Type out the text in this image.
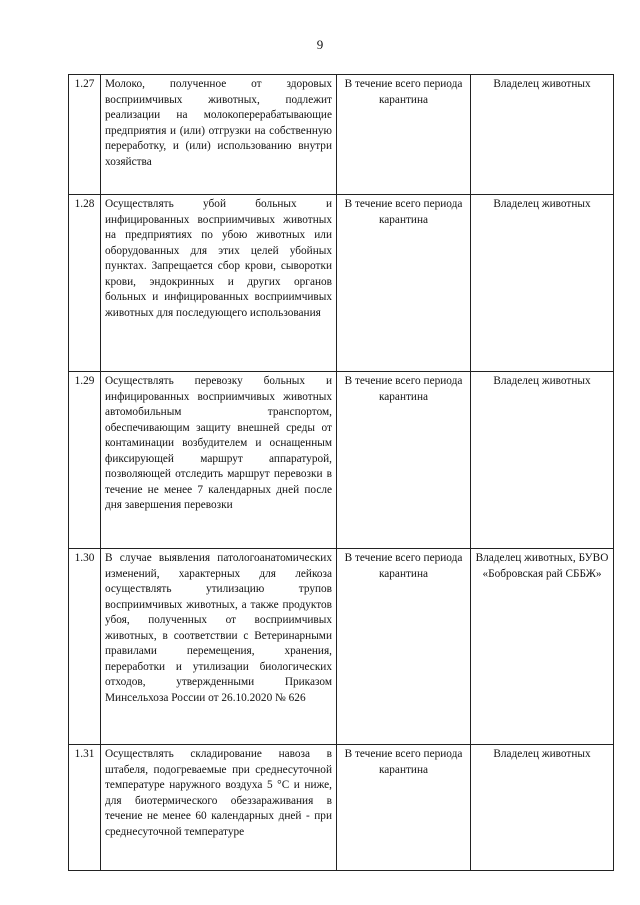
9
1.27	Молоко, полученное от здоровых восприимчивых животных, подлежит реализации на молокоперерабатывающие предприятия и (или) отгрузки на собственную переработку, и (или) использованию внутри хозяйства	В течение всего периода карантина	Владелец животных
1.28	Осуществлять убой больных и инфицированных восприимчивых животных на предприятиях по убою животных или оборудованных для этих целей убойных пунктах. Запрещается сбор крови, сыворотки крови, эндокринных и других органов больных и инфицированных восприимчивых животных для последующего использования	В течение всего периода карантина	Владелец животных
1.29	Осуществлять перевозку больных и инфицированных восприимчивых животных автомобильным транспортом, обеспечивающим защиту внешней среды от контаминации возбудителем и оснащенным фиксирующей маршрут аппаратурой, позволяющей отследить маршрут перевозки в течение не менее 7 календарных дней после дня завершения перевозки	В течение всего периода карантина	Владелец животных
1.30	В случае выявления патологоанатомических изменений, характерных для лейкоза осуществлять утилизацию трупов восприимчивых животных, а также продуктов убоя, полученных от восприимчивых животных, в соответствии с Ветеринарными правилами перемещения, хранения, переработки и утилизации биологических отходов, утвержденными Приказом Минсельхоза России от 26.10.2020 № 626	В течение всего периода карантина	Владелец животных, БУВО «Бобровская рай СББЖ»
1.31	Осуществлять складирование навоза в штабеля, подогреваемые при среднесуточной температуре наружного воздуха 5 °С и ниже, для биотермического обеззараживания в течение не менее 60 календарных дней - при среднесуточной температуре	В течение всего периода карантина	Владелец животных
